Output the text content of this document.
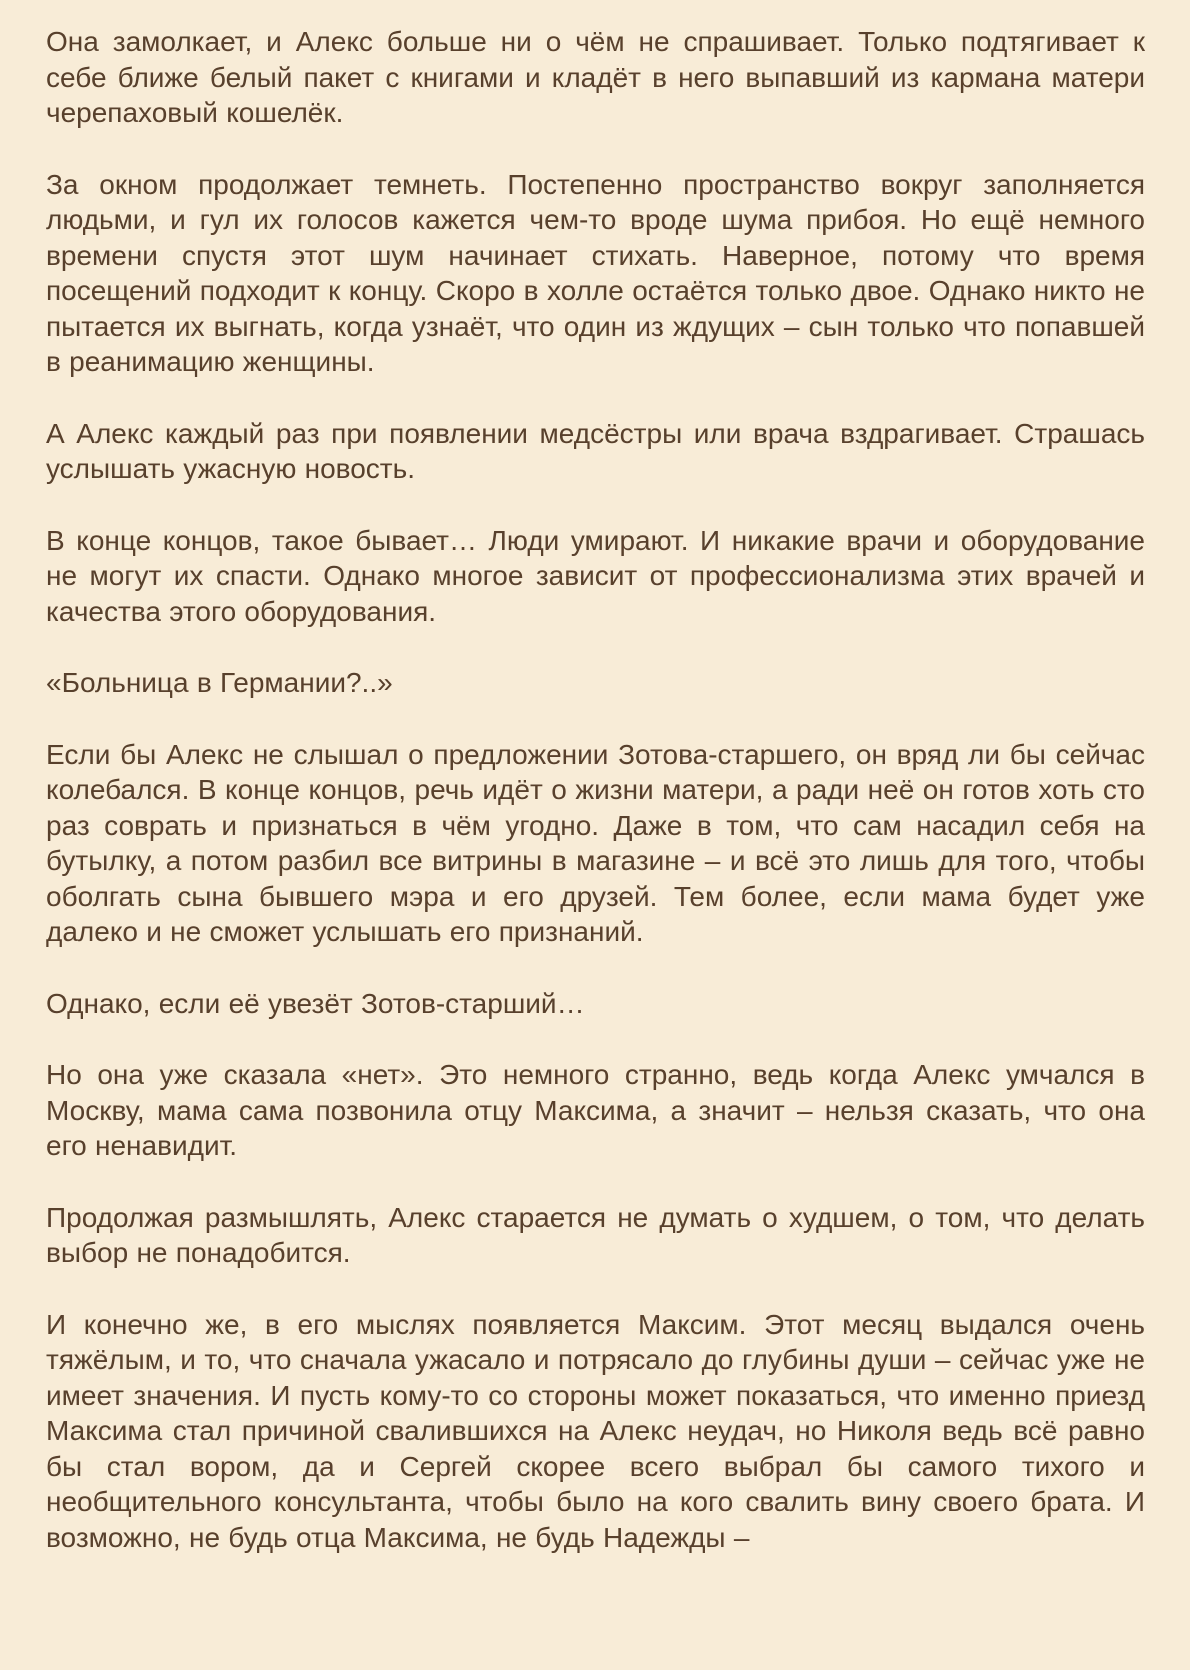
Она замолкает, и Алекс больше ни о чём не спрашивает. Только подтягивает к себе ближе белый пакет с книгами и кладёт в него выпавший из кармана матери черепаховый кошелёк.

За окном продолжает темнеть. Постепенно пространство вокруг заполняется людьми, и гул их голосов кажется чем-то вроде шума прибоя. Но ещё немного времени спустя этот шум начинает стихать. Наверное, потому что время посещений подходит к концу. Скоро в холле остаётся только двое. Однако никто не пытается их выгнать, когда узнаёт, что один из ждущих – сын только что попавшей в реанимацию женщины.

А Алекс каждый раз при появлении медсёстры или врача вздрагивает. Страшась услышать ужасную новость.

В конце концов, такое бывает… Люди умирают. И никакие врачи и оборудование не могут их спасти. Однако многое зависит от профессионализма этих врачей и качества этого оборудования.

«Больница в Германии?..»

Если бы Алекс не слышал о предложении Зотова-старшего, он вряд ли бы сейчас колебался. В конце концов, речь идёт о жизни матери, а ради неё он готов хоть сто раз соврать и признаться в чём угодно. Даже в том, что сам насадил себя на бутылку, а потом разбил все витрины в магазине – и всё это лишь для того, чтобы оболгать сына бывшего мэра и его друзей. Тем более, если мама будет уже далеко и не сможет услышать его признаний.

Однако, если её увезёт Зотов-старший…

Но она уже сказала «нет». Это немного странно, ведь когда Алекс умчался в Москву, мама сама позвонила отцу Максима, а значит – нельзя сказать, что она его ненавидит.

Продолжая размышлять, Алекс старается не думать о худшем, о том, что делать выбор не понадобится.

И конечно же, в его мыслях появляется Максим. Этот месяц выдался очень тяжёлым, и то, что сначала ужасало и потрясало до глубины души – сейчас уже не имеет значения. И пусть кому-то со стороны может показаться, что именно приезд Максима стал причиной свалившихся на Алекс неудач, но Николя ведь всё равно бы стал вором, да и Сергей скорее всего выбрал бы самого тихого и необщительного консультанта, чтобы было на кого свалить вину своего брата. И возможно, не будь отца Максима, не будь Надежды –
